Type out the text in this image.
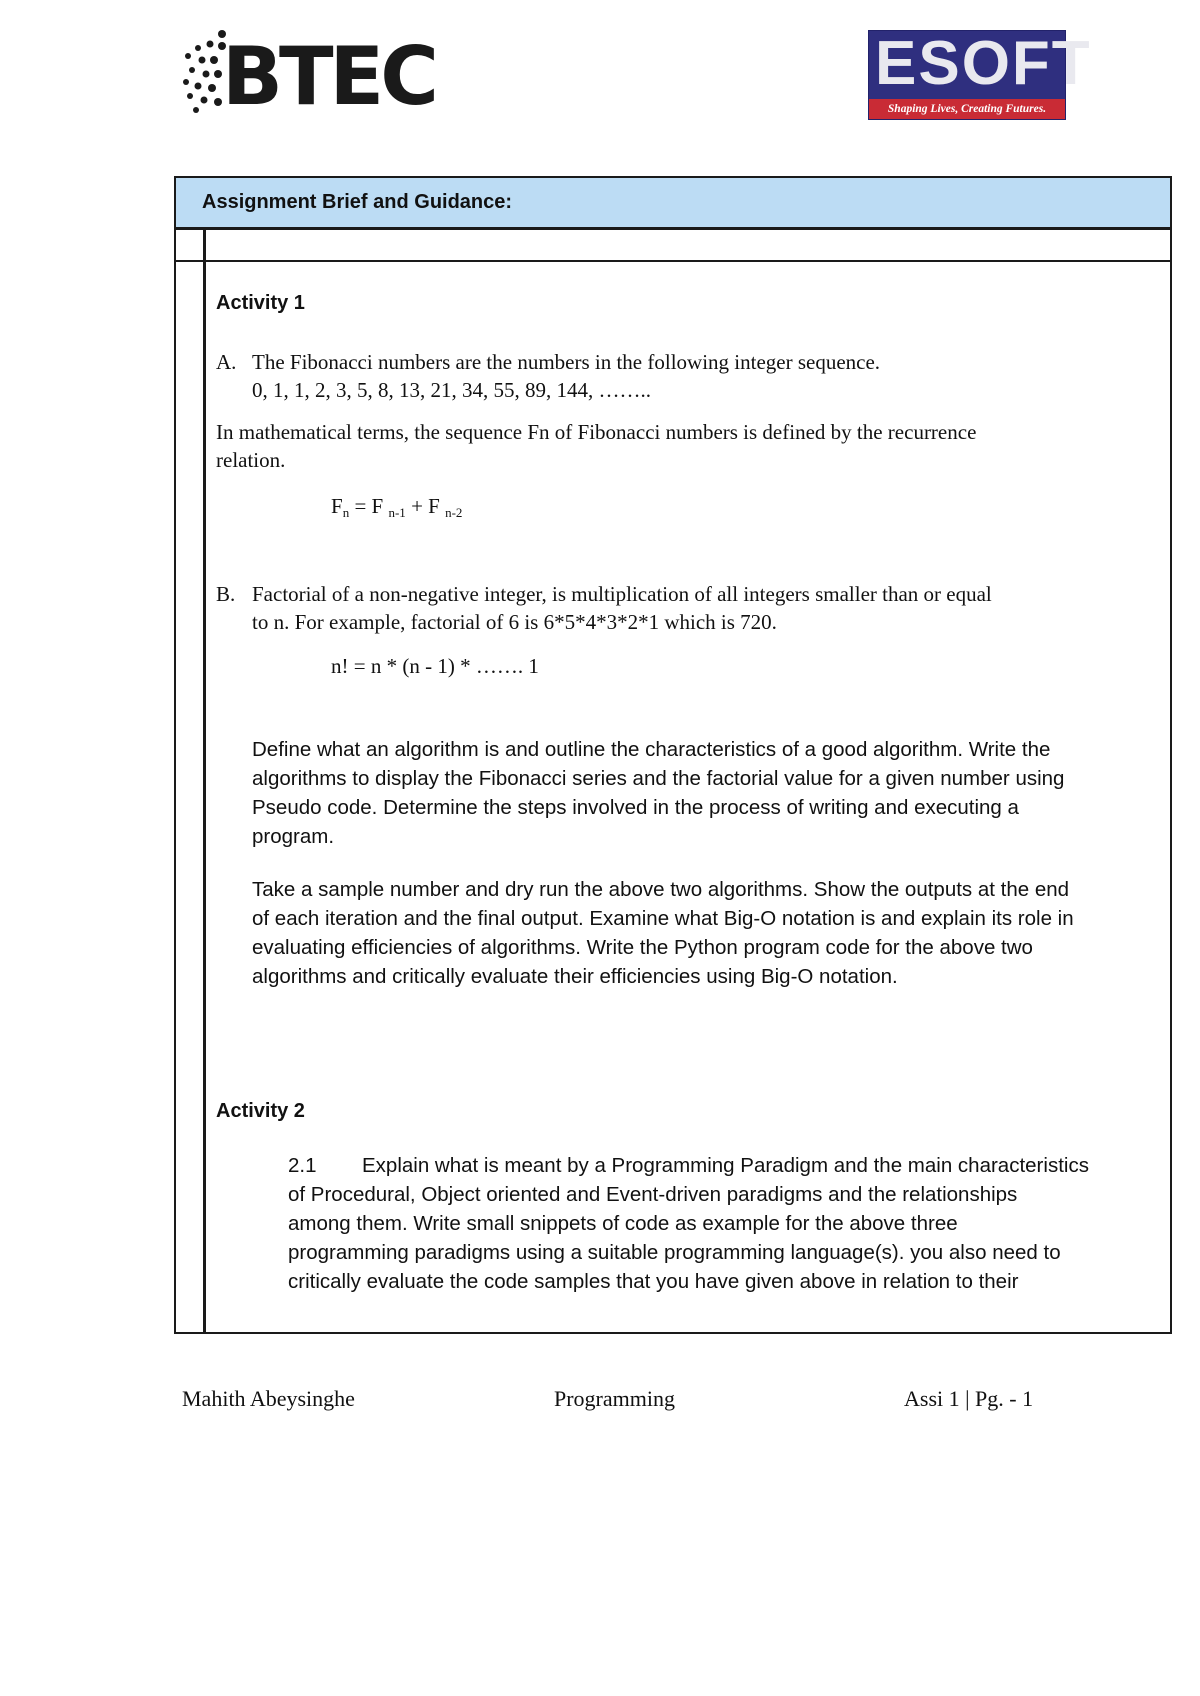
BTEC	ESOFT
Shaping Lives, Creating Futures.
Assignment Brief and Guidance:
Activity 1
A. The Fibonacci numbers are the numbers in the following integer sequence.
0, 1, 1, 2, 3, 5, 8, 13, 21, 34, 55, 89, 144, ……..
In mathematical terms, the sequence Fn of Fibonacci numbers is defined by the recurrence
relation.
$F_n = F$ $_{n-1}$ + F $_{n-2}$
B. Factorial of a non-negative integer, is multiplication of all integers smaller than or equal
to n. For example, factorial of 6 is 6*5*4*3*2*1 which is 720.
n! = n * (n - 1) * ……. 1
Define what an algorithm is and outline the characteristics of a good algorithm. Write the
algorithms to display the Fibonacci series and the factorial value for a given number using
Pseudo code. Determine the steps involved in the process of writing and executing a
program.
Take a sample number and dry run the above two algorithms. Show the outputs at the end
of each iteration and the final output. Examine what Big-O notation is and explain its role in
evaluating efficiencies of algorithms. Write the Python program code for the above two
algorithms and critically evaluate their efficiencies using Big-O notation.
Activity 2
2.1 Explain what is meant by a Programming Paradigm and the main characteristics
of Procedural, Object oriented and Event-driven paradigms and the relationships
among them. Write small snippets of code as example for the above three
programming paradigms using a suitable programming language(s). you also need to
critically evaluate the code samples that you have given above in relation to their
Mahith Abeysinghe	Programming	Assi 1 | Pg. - 1
